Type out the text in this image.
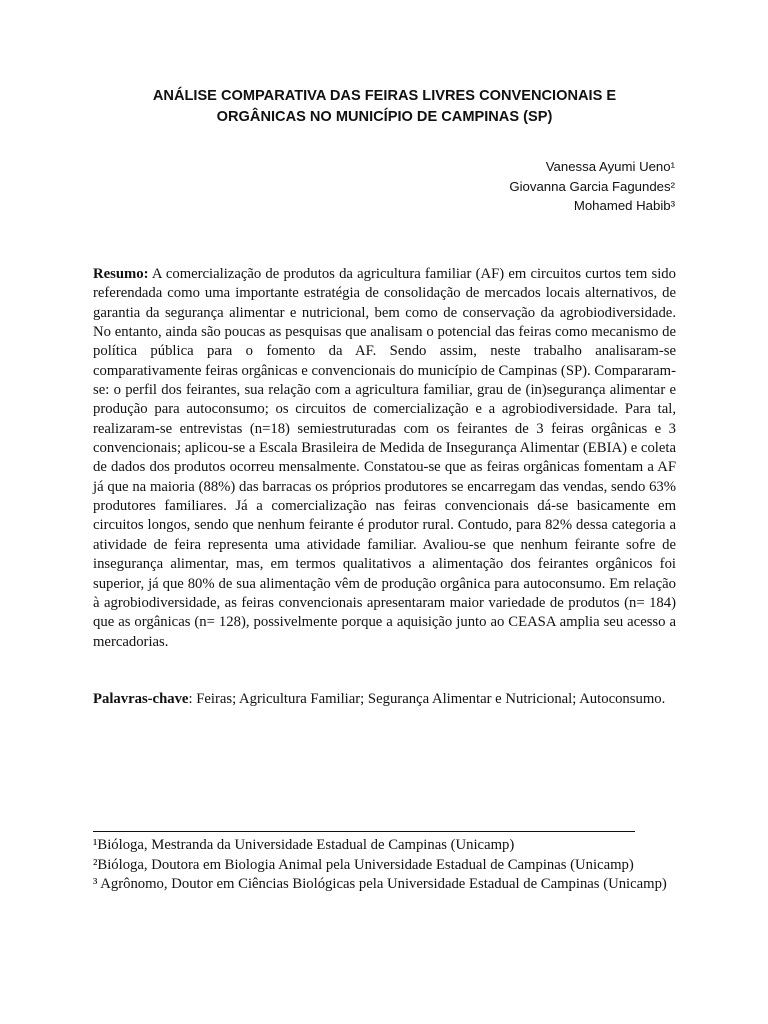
ANÁLISE COMPARATIVA DAS FEIRAS LIVRES CONVENCIONAIS E
ORGÂNICAS NO MUNICÍPIO DE CAMPINAS (SP)
Vanessa Ayumi Ueno¹
Giovanna Garcia Fagundes²
Mohamed Habib³

Resumo: A comercialização de produtos da agricultura familiar (AF) em circuitos curtos tem sido referendada como uma importante estratégia de consolidação de mercados locais alternativos, de garantia da segurança alimentar e nutricional, bem como de conservação da agrobiodiversidade. No entanto, ainda são poucas as pesquisas que analisam o potencial das feiras como mecanismo de política pública para o fomento da AF. Sendo assim, neste trabalho analisaram-se comparativamente feiras orgânicas e convencionais do município de Campinas (SP). Compararam-se: o perfil dos feirantes, sua relação com a agricultura familiar, grau de (in)segurança alimentar e produção para autoconsumo; os circuitos de comercialização e a agrobiodiversidade. Para tal, realizaram-se entrevistas (n=18) semiestruturadas com os feirantes de 3 feiras orgânicas e 3 convencionais; aplicou-se a Escala Brasileira de Medida de Insegurança Alimentar (EBIA) e coleta de dados dos produtos ocorreu mensalmente. Constatou-se que as feiras orgânicas fomentam a AF já que na maioria (88%) das barracas os próprios produtores se encarregam das vendas, sendo 63% produtores familiares. Já a comercialização nas feiras convencionais dá-se basicamente em circuitos longos, sendo que nenhum feirante é produtor rural. Contudo, para 82% dessa categoria a atividade de feira representa uma atividade familiar. Avaliou-se que nenhum feirante sofre de insegurança alimentar, mas, em termos qualitativos a alimentação dos feirantes orgânicos foi superior, já que 80% de sua alimentação vêm de produção orgânica para autoconsumo. Em relação à agrobiodiversidade, as feiras convencionais apresentaram maior variedade de produtos (n= 184) que as orgânicas (n= 128), possivelmente porque a aquisição junto ao CEASA amplia seu acesso a mercadorias.

Palavras-chave: Feiras; Agricultura Familiar; Segurança Alimentar e Nutricional; Autoconsumo.

¹Bióloga, Mestranda da Universidade Estadual de Campinas (Unicamp)
²Bióloga, Doutora em Biologia Animal pela Universidade Estadual de Campinas (Unicamp)
³ Agrônomo, Doutor em Ciências Biológicas pela Universidade Estadual de Campinas (Unicamp)
